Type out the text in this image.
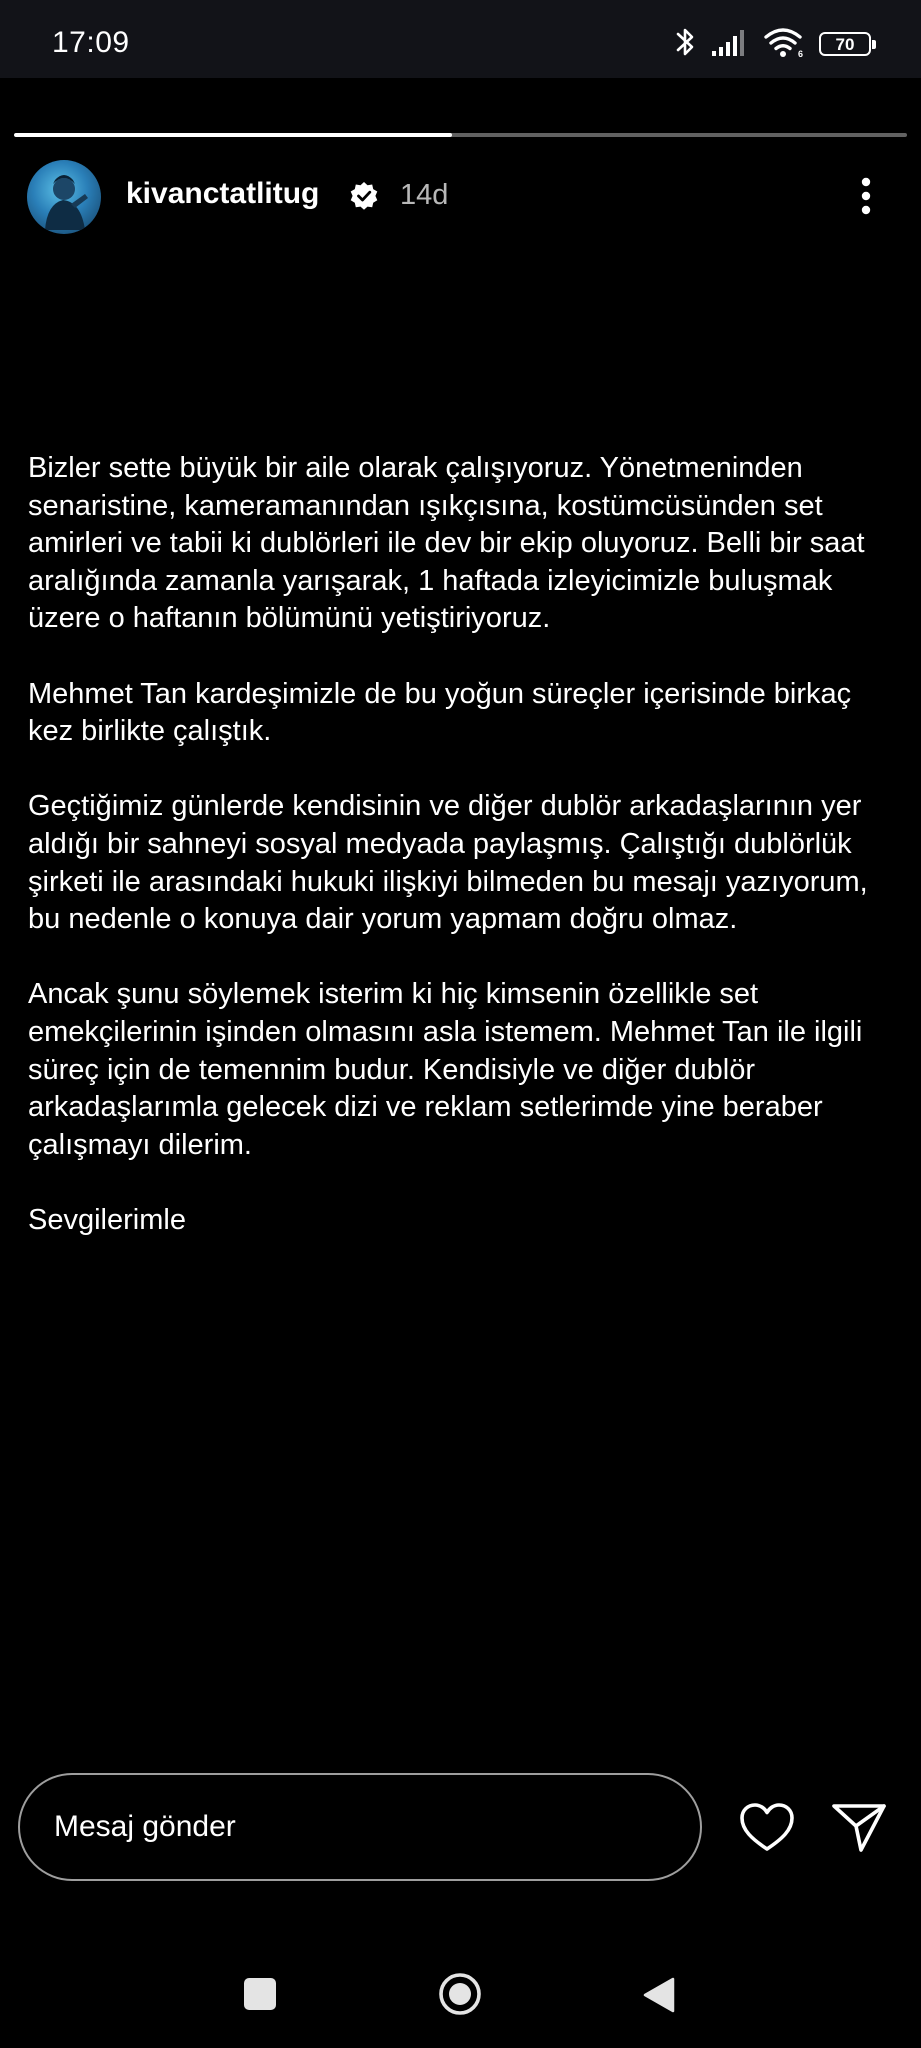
17:09	6 70
kivanctatlitug	14d

Bizler sette büyük bir aile olarak çalışıyoruz. Yönetmeninden senaristine, kameramanından ışıkçısına, kostümcüsünden set amirleri ve tabii ki dublörleri ile dev bir ekip oluyoruz. Belli bir saat aralığında zamanla yarışarak, 1 haftada izleyicimizle buluşmak üzere o haftanın bölümünü yetiştiriyoruz.

Mehmet Tan kardeşimizle de bu yoğun süreçler içerisinde birkaç kez birlikte çalıştık.

Geçtiğimiz günlerde kendisinin ve diğer dublör arkadaşlarının yer aldığı bir sahneyi sosyal medyada paylaşmış. Çalıştığı dublörlük şirketi ile arasındaki hukuki ilişkiyi bilmeden bu mesajı yazıyorum, bu nedenle o konuya dair yorum yapmam doğru olmaz.

Ancak şunu söylemek isterim ki hiç kimsenin özellikle set emekçilerinin işinden olmasını asla istemem. Mehmet Tan ile ilgili süreç için de temennim budur. Kendisiyle ve diğer dublör arkadaşlarımla gelecek dizi ve reklam setlerimde yine beraber çalışmayı dilerim.

Sevgilerimle

Mesaj gönder
